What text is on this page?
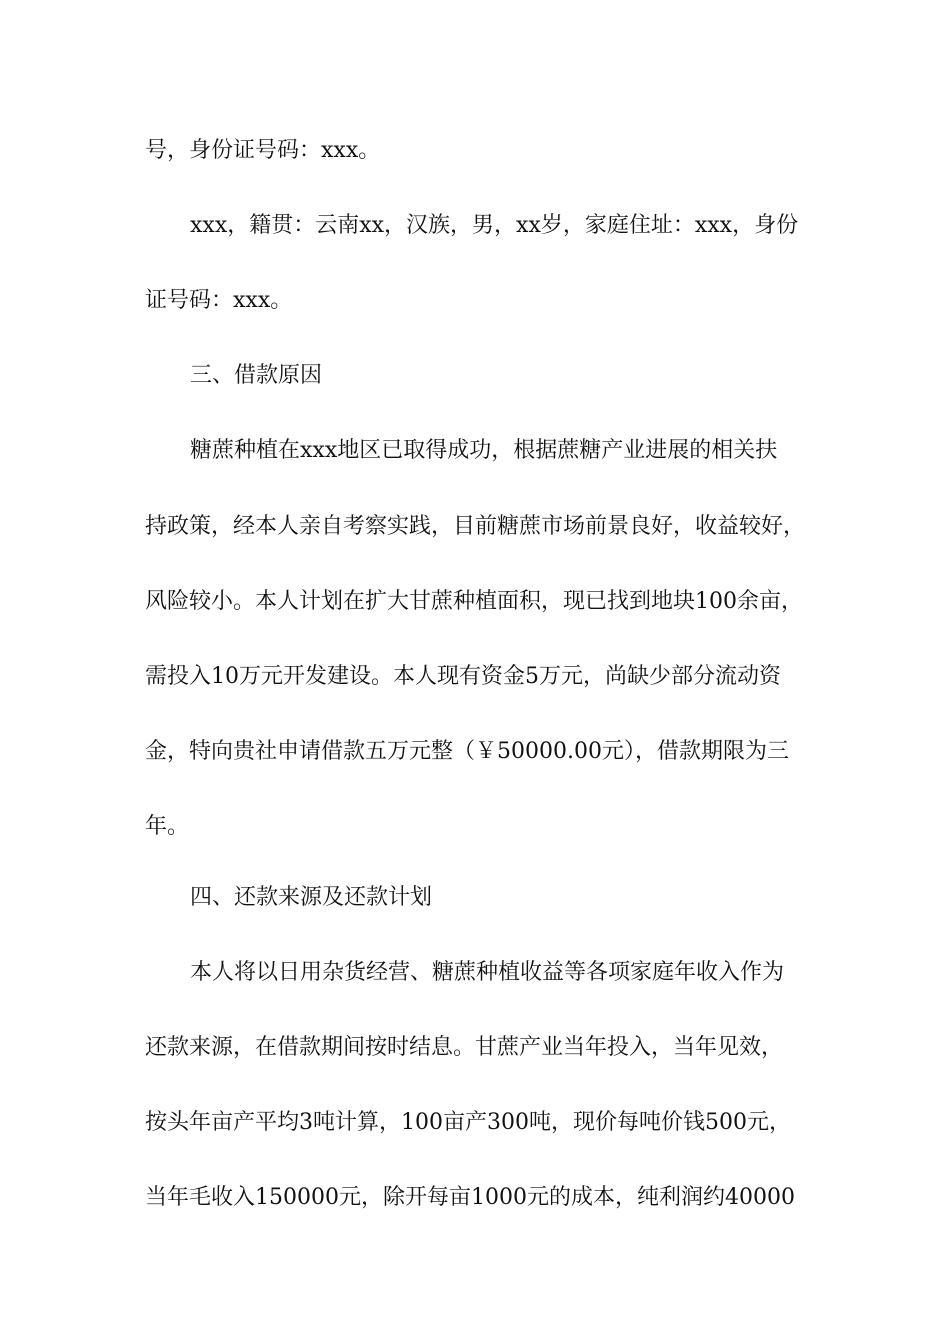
号，身份证号码：xxx。
xxx，籍贯：云南xx，汉族，男，xx岁，家庭住址：xxx，身份
证号码：xxx。
三、借款原因
糖蔗种植在xxx地区已取得成功，根据蔗糖产业进展的相关扶
持政策，经本人亲自考察实践，目前糖蔗市场前景良好，收益较好，
风险较小。本人计划在扩大甘蔗种植面积，现已找到地块100余亩，
需投入10万元开发建设。本人现有资金5万元，尚缺少部分流动资
金，特向贵社申请借款五万元整（￥50000.00元），借款期限为三
年。
四、还款来源及还款计划
本人将以日用杂货经营、糖蔗种植收益等各项家庭年收入作为
还款来源，在借款期间按时结息。甘蔗产业当年投入，当年见效，
按头年亩产平均3吨计算，100亩产300吨，现价每吨价钱500元，
当年毛收入150000元，除开每亩1000元的成本，纯利润约40000
